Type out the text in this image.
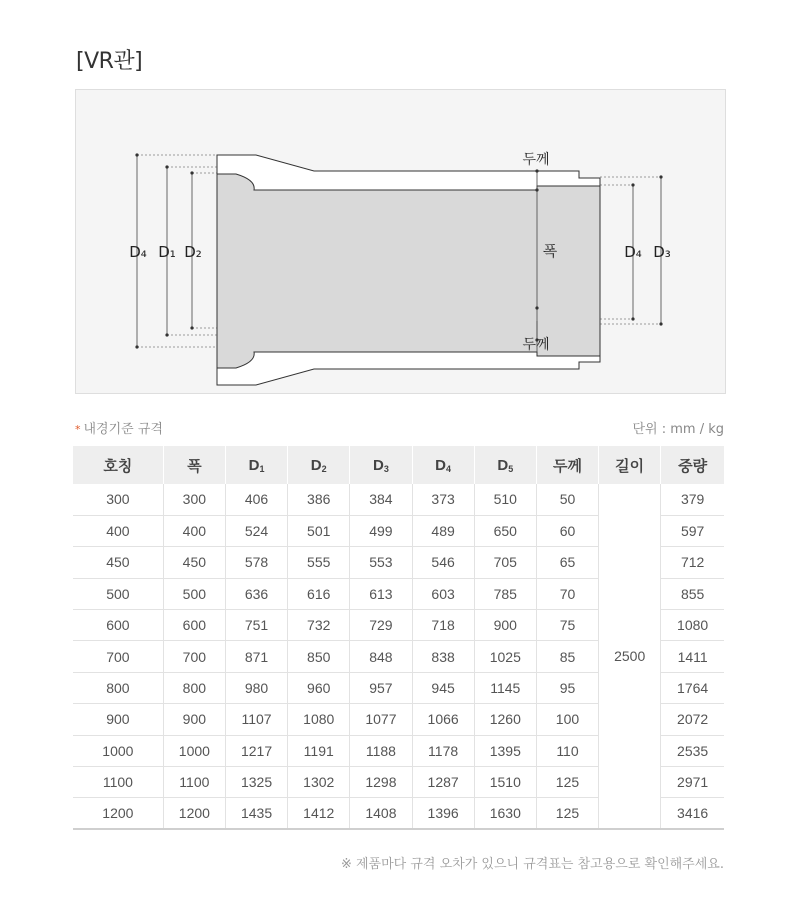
[VR관]
두께
두께
폭
D₄ D₁ D₂	D₄ D₃
* 내경기준 규격	단위 : mm / kg
호칭	폭	$D_1$	$D_2$	$D_3$	$D_4$	$D_5$	두께	길이	중량
300	300	406	386	384	373	510	50	2500	379
400	400	524	501	499	489	650	60		597
450	450	578	555	553	546	705	65		712
500	500	636	616	613	603	785	70		855
600	600	751	732	729	718	900	75		1080
700	700	871	850	848	838	1025	85		1411
800	800	980	960	957	945	1145	95		1764
900	900	1107	1080	1077	1066	1260	100		2072
1000	1000	1217	1191	1188	1178	1395	110		2535
1100	1100	1325	1302	1298	1287	1510	125		2971
1200	1200	1435	1412	1408	1396	1630	125		3416
※ 제품마다 규격 오차가 있으니 규격표는 참고용으로 확인해주세요.
